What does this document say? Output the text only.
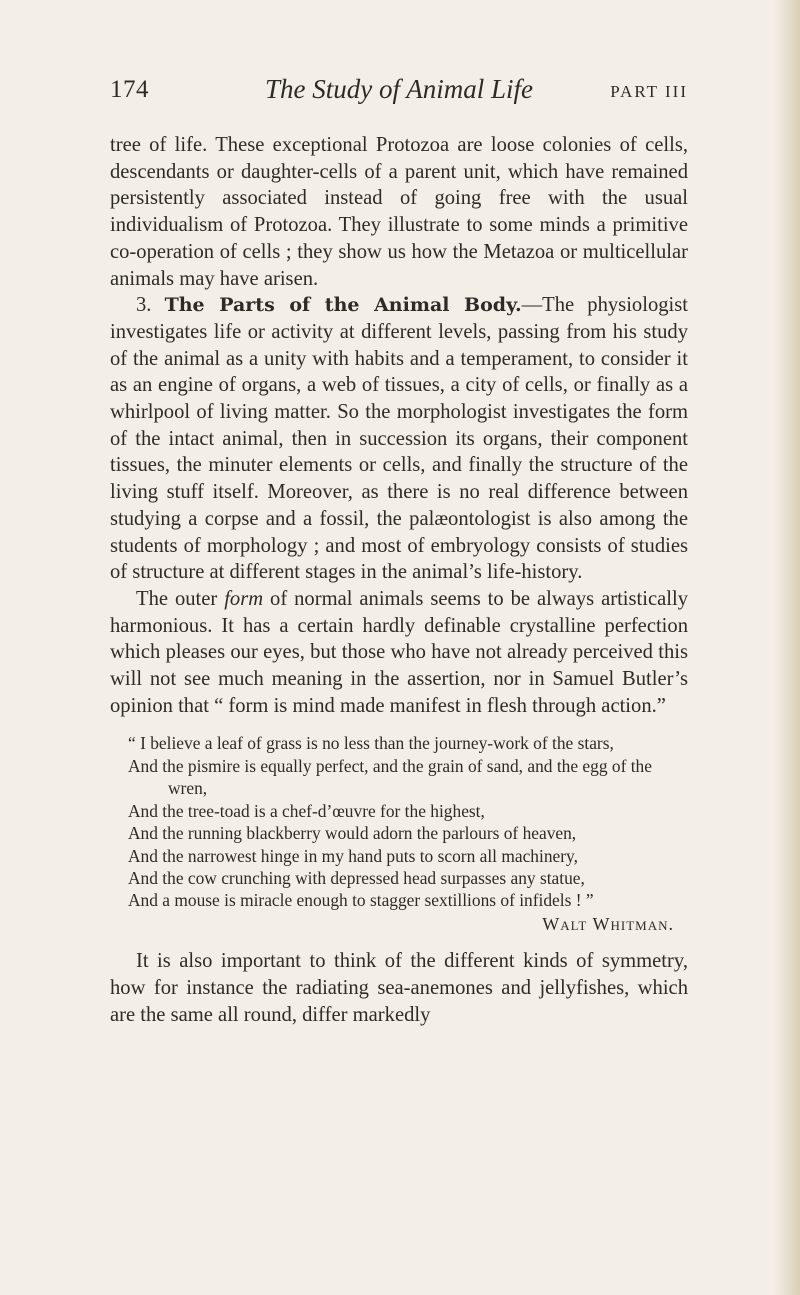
174	The Study of Animal Life	PART III

tree of life. These exceptional Protozoa are loose colonies of cells, descendants or daughter-cells of a parent unit, which have remained persistently associated instead of going free with the usual individualism of Protozoa. They illustrate to some minds a primitive co-operation of cells ; they show us how the Metazoa or multicellular animals may have arisen.

3. The Parts of the Animal Body.—The physiologist investigates life or activity at different levels, passing from his study of the animal as a unity with habits and a temperament, to consider it as an engine of organs, a web of tissues, a city of cells, or finally as a whirlpool of living matter. So the morphologist investigates the form of the intact animal, then in succession its organs, their component tissues, the minuter elements or cells, and finally the structure of the living stuff itself. Moreover, as there is no real difference between studying a corpse and a fossil, the palæontologist is also among the students of morphology ; and most of embryology consists of studies of structure at different stages in the animal’s life-history.

The outer form of normal animals seems to be always artistically harmonious. It has a certain hardly definable crystalline perfection which pleases our eyes, but those who have not already perceived this will not see much meaning in the assertion, nor in Samuel Butler’s opinion that “ form is mind made manifest in flesh through action.”

“ I believe a leaf of grass is no less than the journey-work of the stars,
And the pismire is equally perfect, and the grain of sand, and the egg of the wren,
And the tree-toad is a chef-d’œuvre for the highest,
And the running blackberry would adorn the parlours of heaven,
And the narrowest hinge in my hand puts to scorn all machinery,
And the cow crunching with depressed head surpasses any statue,
And a mouse is miracle enough to stagger sextillions of infidels ! ”
Walt Whitman.

It is also important to think of the different kinds of symmetry, how for instance the radiating sea-anemones and jellyfishes, which are the same all round, differ markedly
